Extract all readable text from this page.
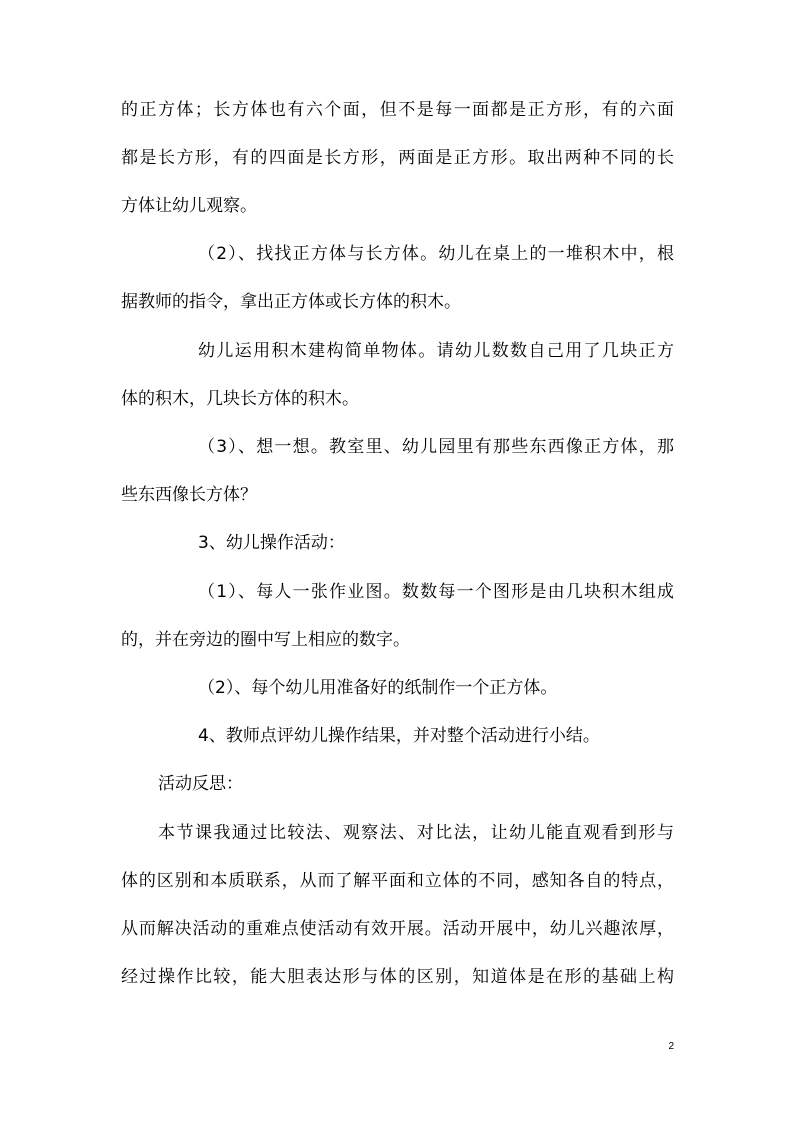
的正方体；长方体也有六个面，但不是每一面都是正方形，有的六面
都是长方形，有的四面是长方形，两面是正方形。取出两种不同的长
方体让幼儿观察。
（2）、找找正方体与长方体。幼儿在桌上的一堆积木中，根
据教师的指令，拿出正方体或长方体的积木。
幼儿运用积木建构简单物体。请幼儿数数自己用了几块正方
体的积木，几块长方体的积木。
（3）、想一想。教室里、幼儿园里有那些东西像正方体，那
些东西像长方体？
3、幼儿操作活动：
（1）、每人一张作业图。数数每一个图形是由几块积木组成
的，并在旁边的圈中写上相应的数字。
（2）、每个幼儿用准备好的纸制作一个正方体。
4、教师点评幼儿操作结果，并对整个活动进行小结。
活动反思：
本节课我通过比较法、观察法、对比法，让幼儿能直观看到形与
体的区别和本质联系，从而了解平面和立体的不同，感知各自的特点，
从而解决活动的重难点使活动有效开展。活动开展中，幼儿兴趣浓厚，
经过操作比较，能大胆表达形与体的区别，知道体是在形的基础上构
2
